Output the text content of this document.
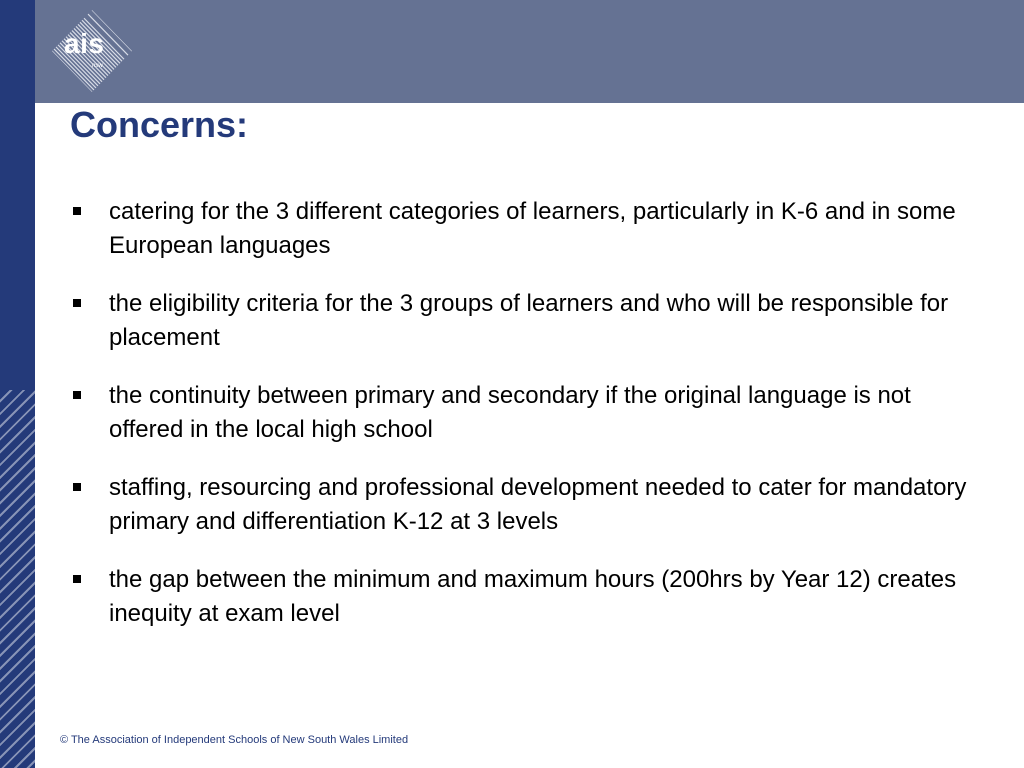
ais
nsw
Concerns:
catering for the 3 different categories of learners, particularly in K-6 and in some European languages
the eligibility criteria for the 3 groups of learners and who will be responsible for placement
the continuity between primary and secondary if the original language is not offered in the local high school
staffing, resourcing and professional development needed to cater for mandatory primary and differentiation K-12 at 3 levels
the gap between the minimum and maximum hours (200hrs by Year 12) creates inequity at exam level
© The Association of Independent Schools of New South Wales Limited
